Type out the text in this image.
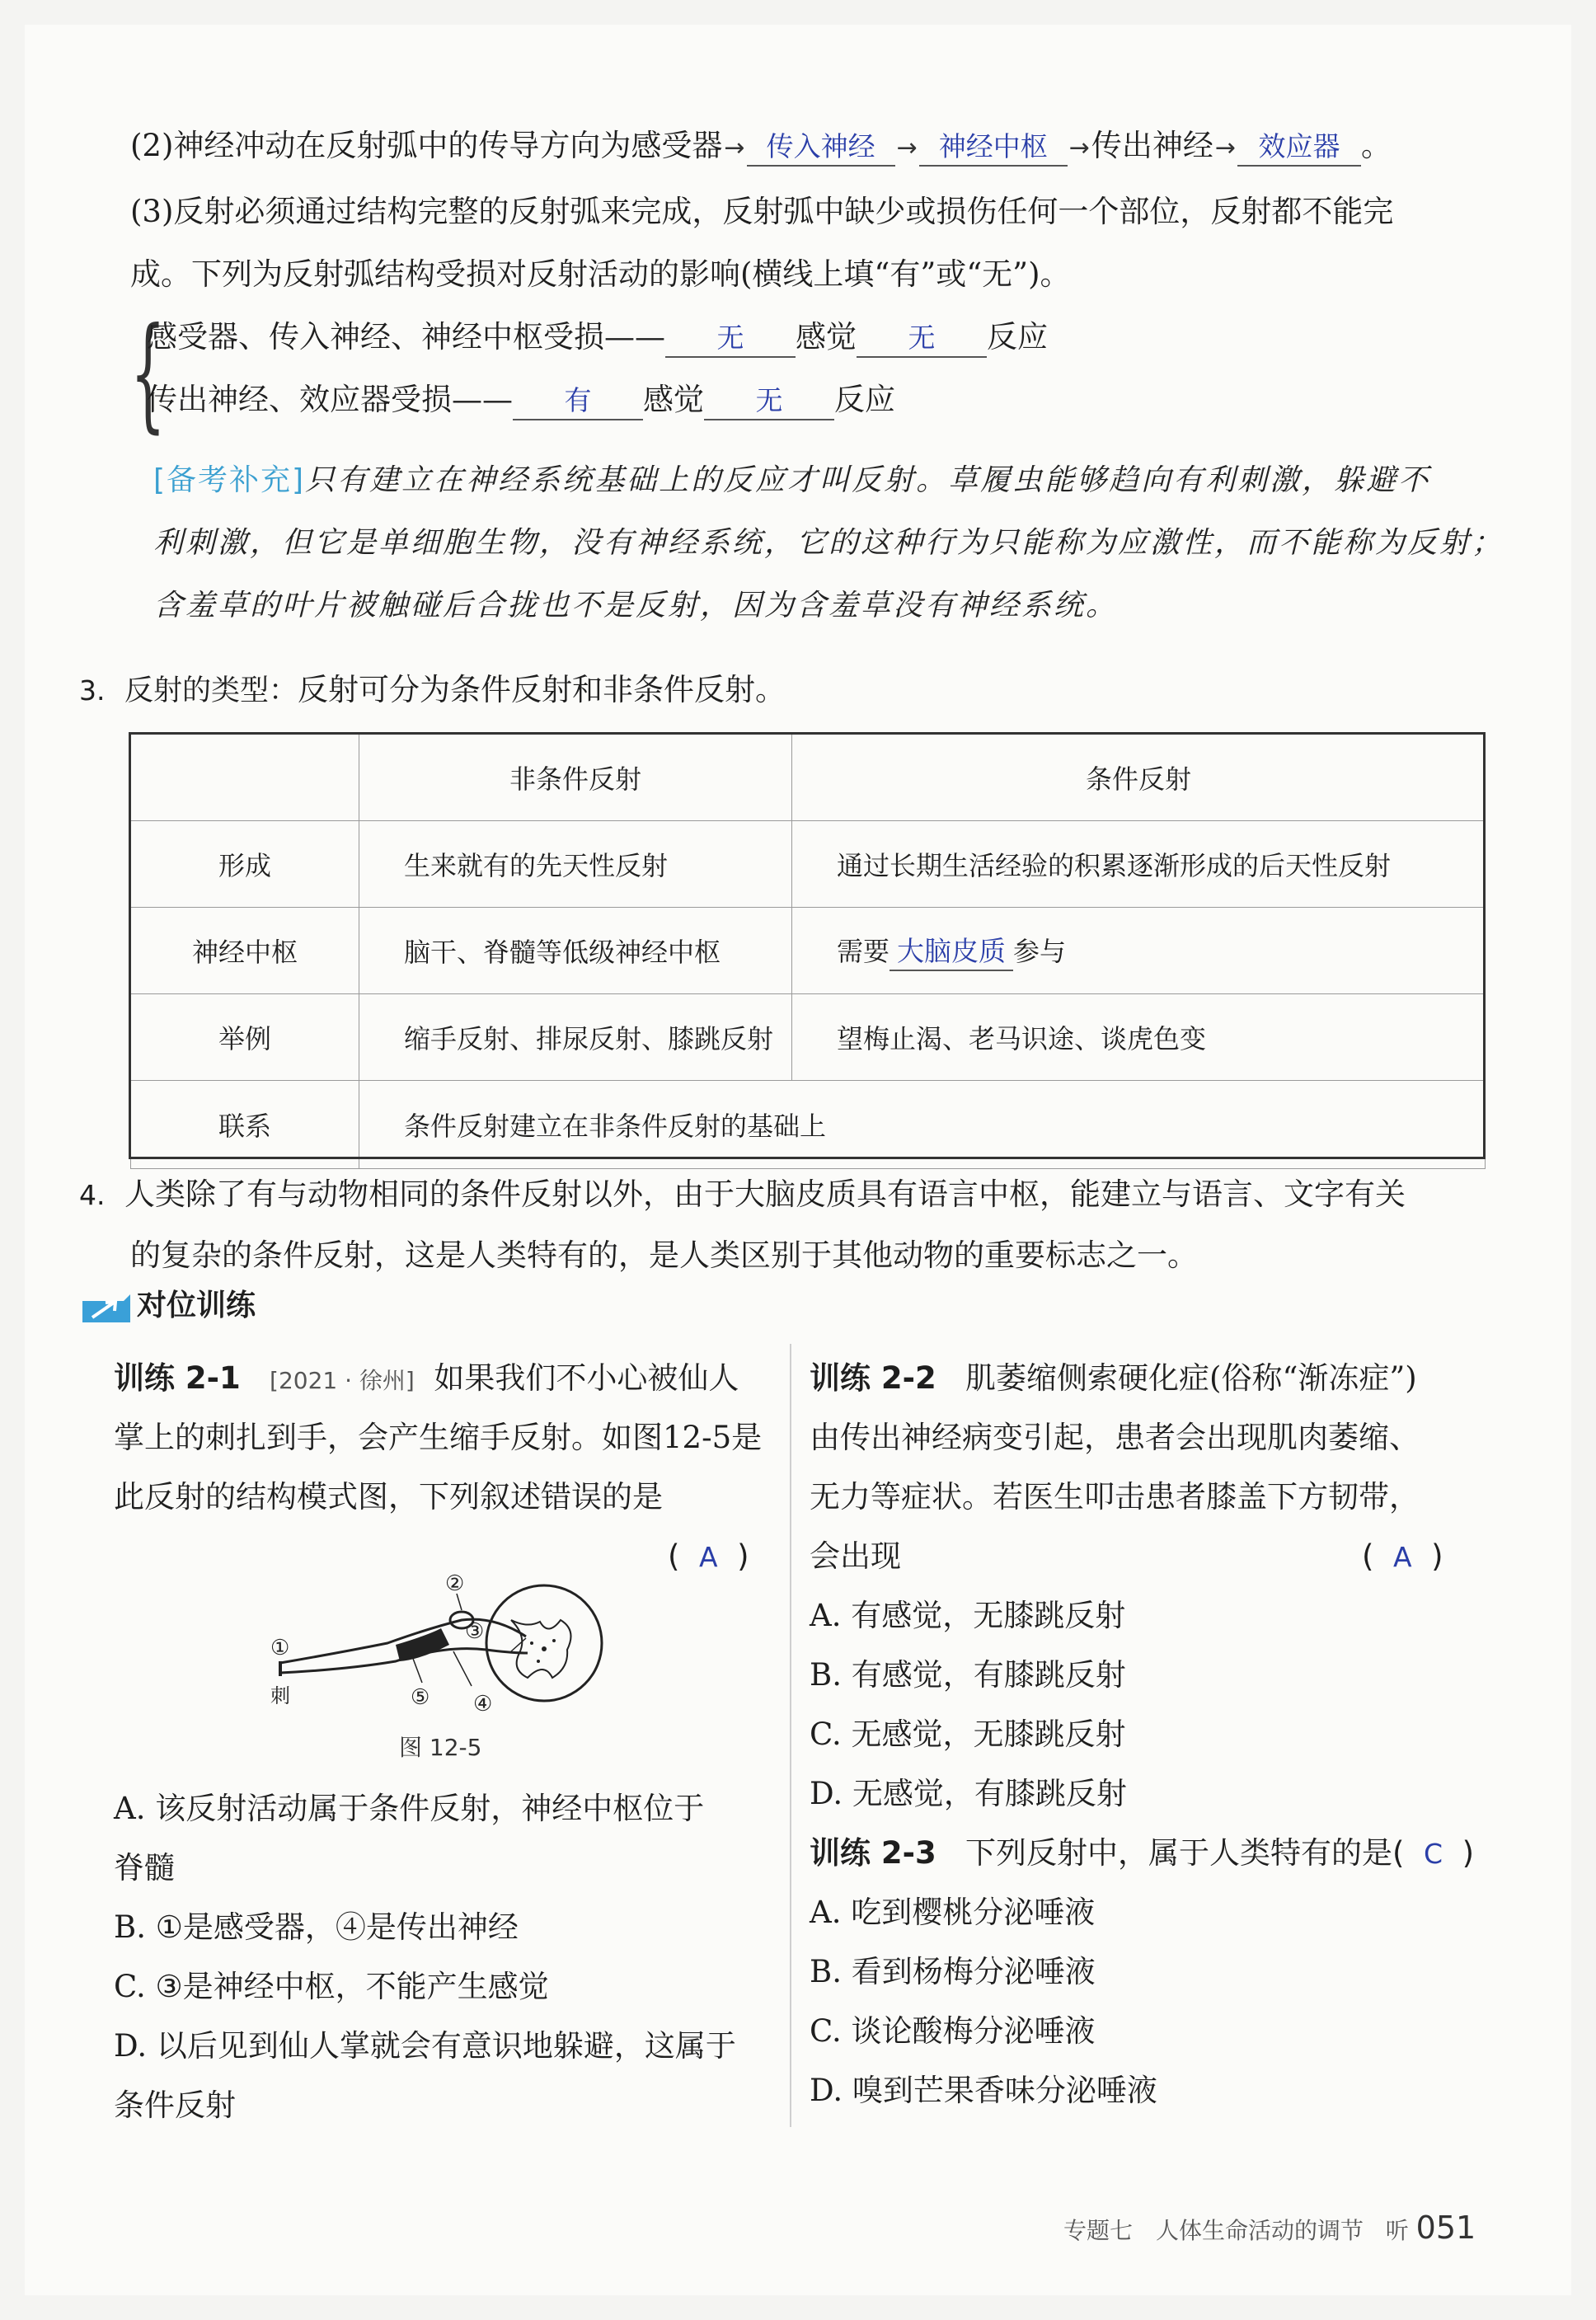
(2)神经冲动在反射弧中的传导方向为感受器→ 传入神经 → 神经中枢 →传出神经→ 效应器 。
(3)反射必须通过结构完整的反射弧来完成，反射弧中缺少或损伤任何一个部位，反射都不能完
成。下列为反射弧结构受损对反射活动的影响(横线上填“有”或“无”)。
{
感受器、传入神经、神经中枢受损—— 无 感觉 无 反应
传出神经、效应器受损—— 有 感觉 无 反应
[备考补充]只有建立在神经系统基础上的反应才叫反射。草履虫能够趋向有利刺激，躲避不
利刺激，但它是单细胞生物，没有神经系统，它的这种行为只能称为应激性，而不能称为反射；
含羞草的叶片被触碰后合拢也不是反射，因为含羞草没有神经系统。
3. 反射的类型：反射可分为条件反射和非条件反射。
	非条件反射	条件反射
形成	生来就有的先天性反射	通过长期生活经验的积累逐渐形成的后天性反射
神经中枢	脑干、脊髓等低级神经中枢	需要 大脑皮质 参与
举例	缩手反射、排尿反射、膝跳反射	望梅止渴、老马识途、谈虎色变
联系	条件反射建立在非条件反射的基础上	
4. 人类除了有与动物相同的条件反射以外，由于大脑皮质具有语言中枢，能建立与语言、文字有关
的复杂的条件反射，这是人类特有的，是人类区别于其他动物的重要标志之一。
对位训练
训练 2-1 [2021 · 徐州] 如果我们不小心被仙人
掌上的刺扎到手，会产生缩手反射。如图12-5是
此反射的结构模式图，下列叙述错误的是
( A )
①
②
③
④
⑤
刺
图 12-5
A. 该反射活动属于条件反射，神经中枢位于
脊髓
B. ①是感受器，④是传出神经
C. ③是神经中枢，不能产生感觉
D. 以后见到仙人掌就会有意识地躲避，这属于
条件反射
训练 2-2 肌萎缩侧索硬化症(俗称“渐冻症”)
由传出神经病变引起，患者会出现肌肉萎缩、
无力等症状。若医生叩击患者膝盖下方韧带，
会出现	( A )
A. 有感觉，无膝跳反射
B. 有感觉，有膝跳反射
C. 无感觉，无膝跳反射
D. 无感觉，有膝跳反射
训练 2-3 下列反射中，属于人类特有的是( C )
A. 吃到樱桃分泌唾液
B. 看到杨梅分泌唾液
C. 谈论酸梅分泌唾液
D. 嗅到芒果香味分泌唾液
专题七　人体生命活动的调节 听 051
